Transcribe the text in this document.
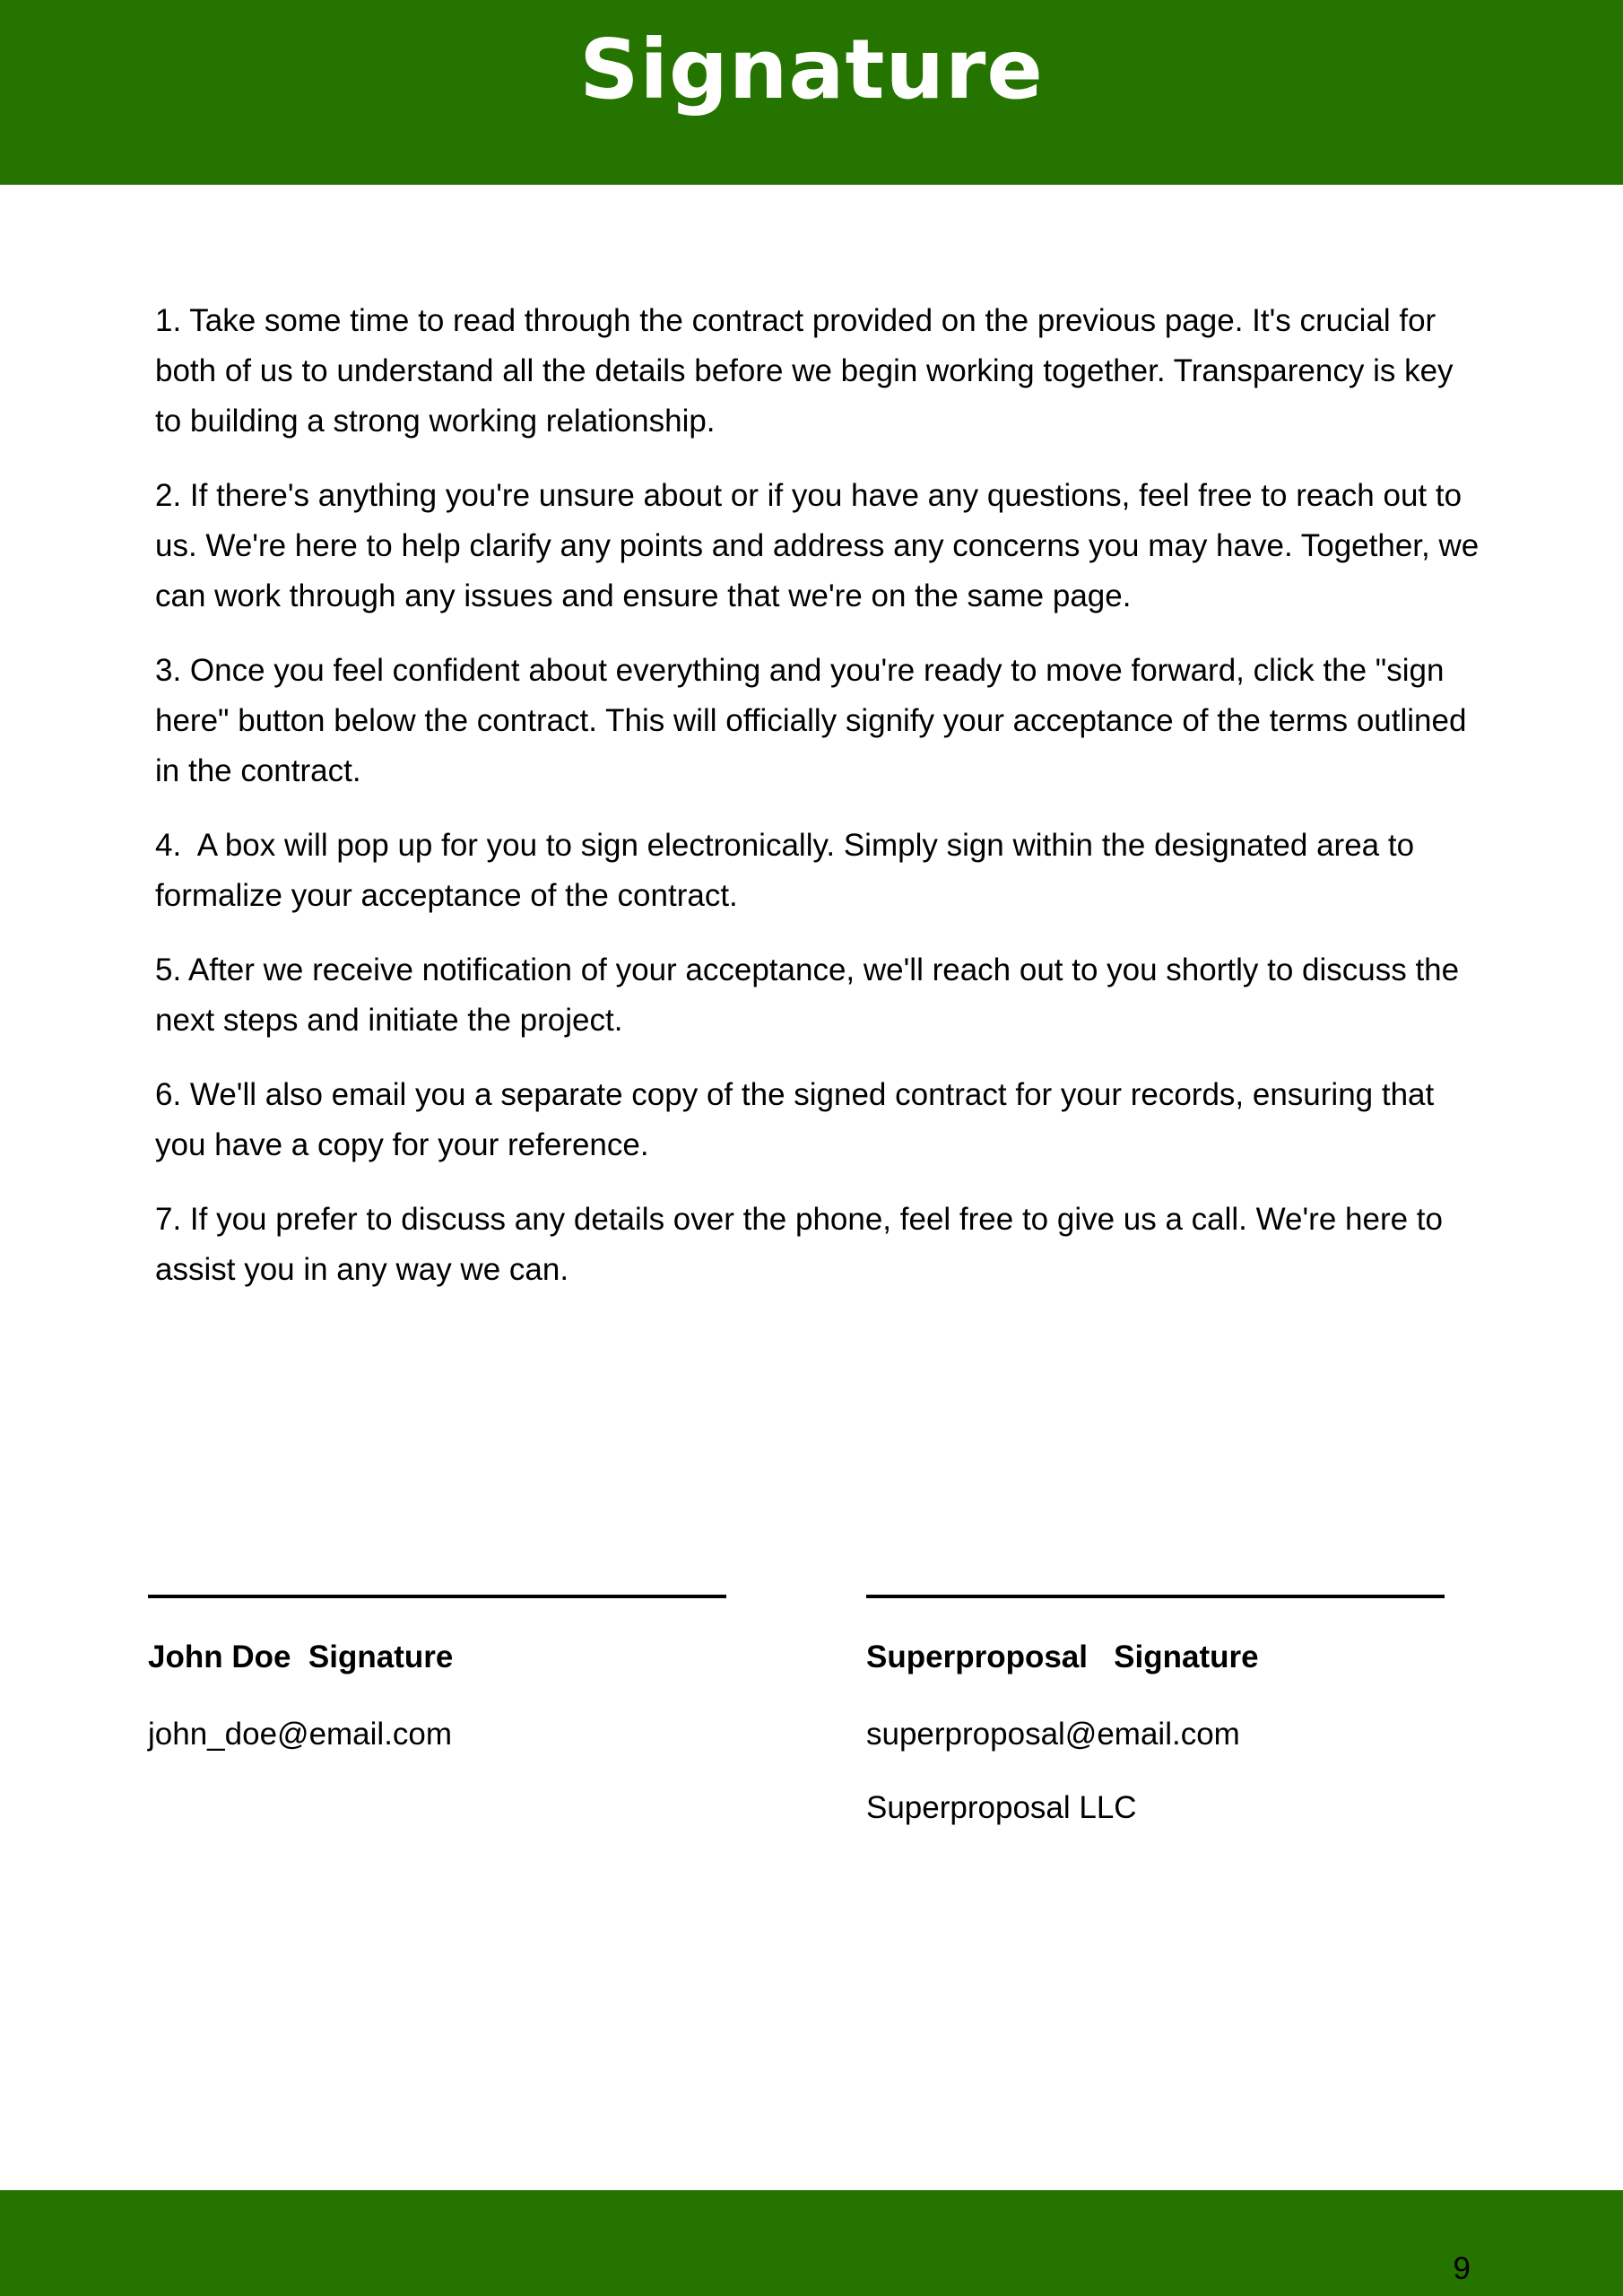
Signature
1. Take some time to read through the contract provided on the previous page. It's crucial for both of us to understand all the details before we begin working together. Transparency is key to building a strong working relationship.
2. If there's anything you're unsure about or if you have any questions, feel free to reach out to us. We're here to help clarify any points and address any concerns you may have. Together, we can work through any issues and ensure that we're on the same page.
3. Once you feel confident about everything and you're ready to move forward, click the "sign here" button below the contract. This will officially signify your acceptance of the terms outlined in the contract.
4.  A box will pop up for you to sign electronically. Simply sign within the designated area to formalize your acceptance of the contract.
5. After we receive notification of your acceptance, we'll reach out to you shortly to discuss the next steps and initiate the project.
6. We'll also email you a separate copy of the signed contract for your records, ensuring that you have a copy for your reference.
7. If you prefer to discuss any details over the phone, feel free to give us a call. We're here to assist you in any way we can.
John Doe  Signature
john_doe@email.com
Superproposal   Signature
superproposal@email.com
Superproposal LLC
9
